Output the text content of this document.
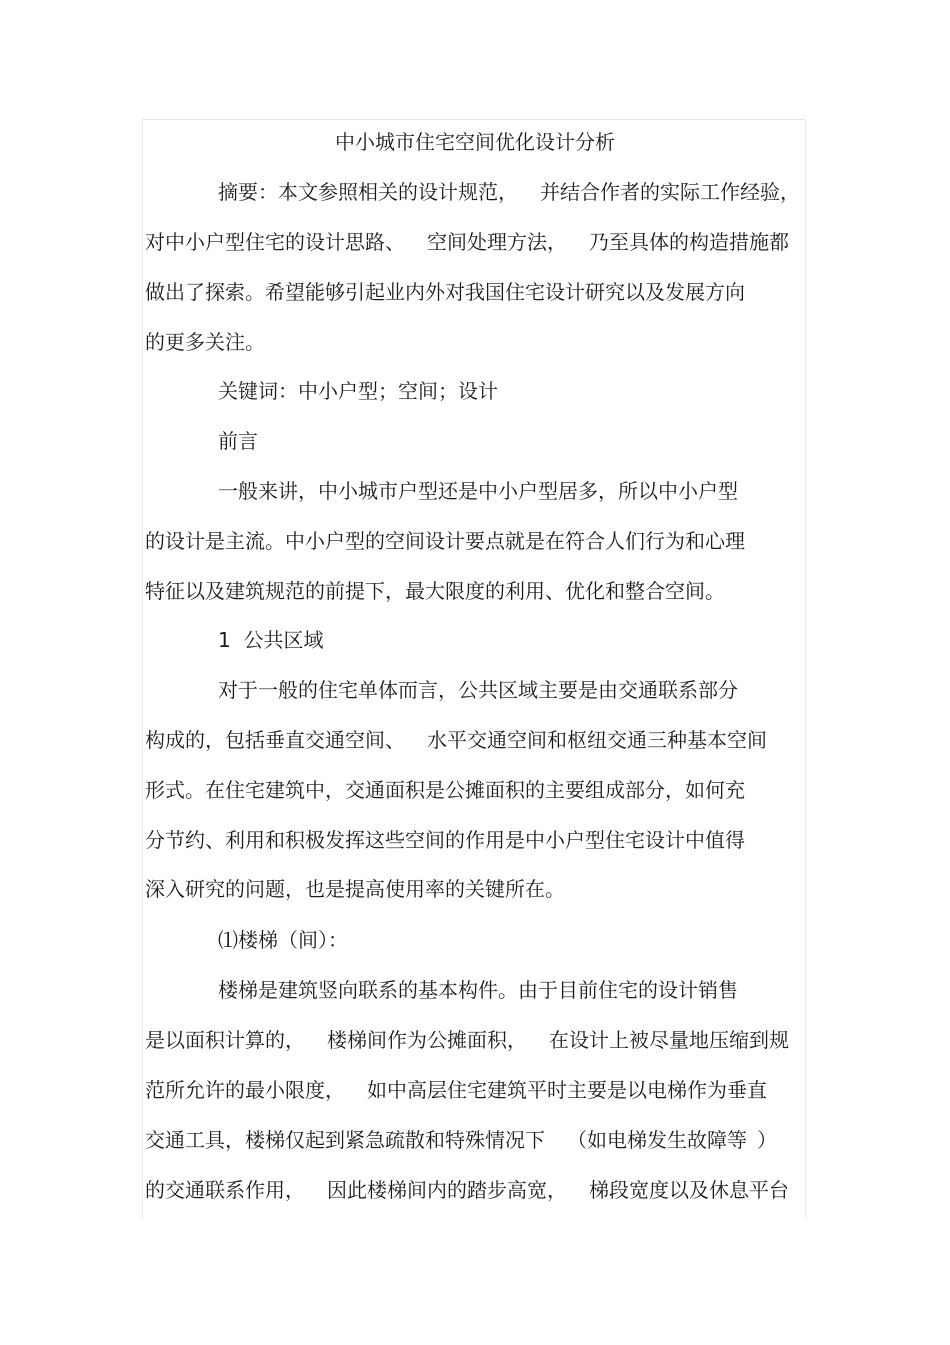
中小城市住宅空间优化设计分析
摘要：本文参照相关的设计规范， 并结合作者的实际工作经验，
对中小户型住宅的设计思路、 空间处理方法， 乃至具体的构造措施都
做出了探索。希望能够引起业内外对我国住宅设计研究以及发展方向
的更多关注。
关键词：中小户型；空间；设计
前言
一般来讲，中小城市户型还是中小户型居多，所以中小户型
的设计是主流。中小户型的空间设计要点就是在符合人们行为和心理
特征以及建筑规范的前提下，最大限度的利用、优化和整合空间。
1  公共区域
对于一般的住宅单体而言，公共区域主要是由交通联系部分
构成的，包括垂直交通空间、 水平交通空间和枢纽交通三种基本空间
形式。在住宅建筑中，交通面积是公摊面积的主要组成部分，如何充
分节约、利用和积极发挥这些空间的作用是中小户型住宅设计中值得
深入研究的问题，也是提高使用率的关键所在。
⑴楼梯（间）：
楼梯是建筑竖向联系的基本构件。由于目前住宅的设计销售
是以面积计算的， 楼梯间作为公摊面积， 在设计上被尽量地压缩到规
范所允许的最小限度， 如中高层住宅建筑平时主要是以电梯作为垂直
交通工具，楼梯仅起到紧急疏散和特殊情况下 （如电梯发生故障等 ）
的交通联系作用， 因此楼梯间内的踏步高宽， 梯段宽度以及休息平台
